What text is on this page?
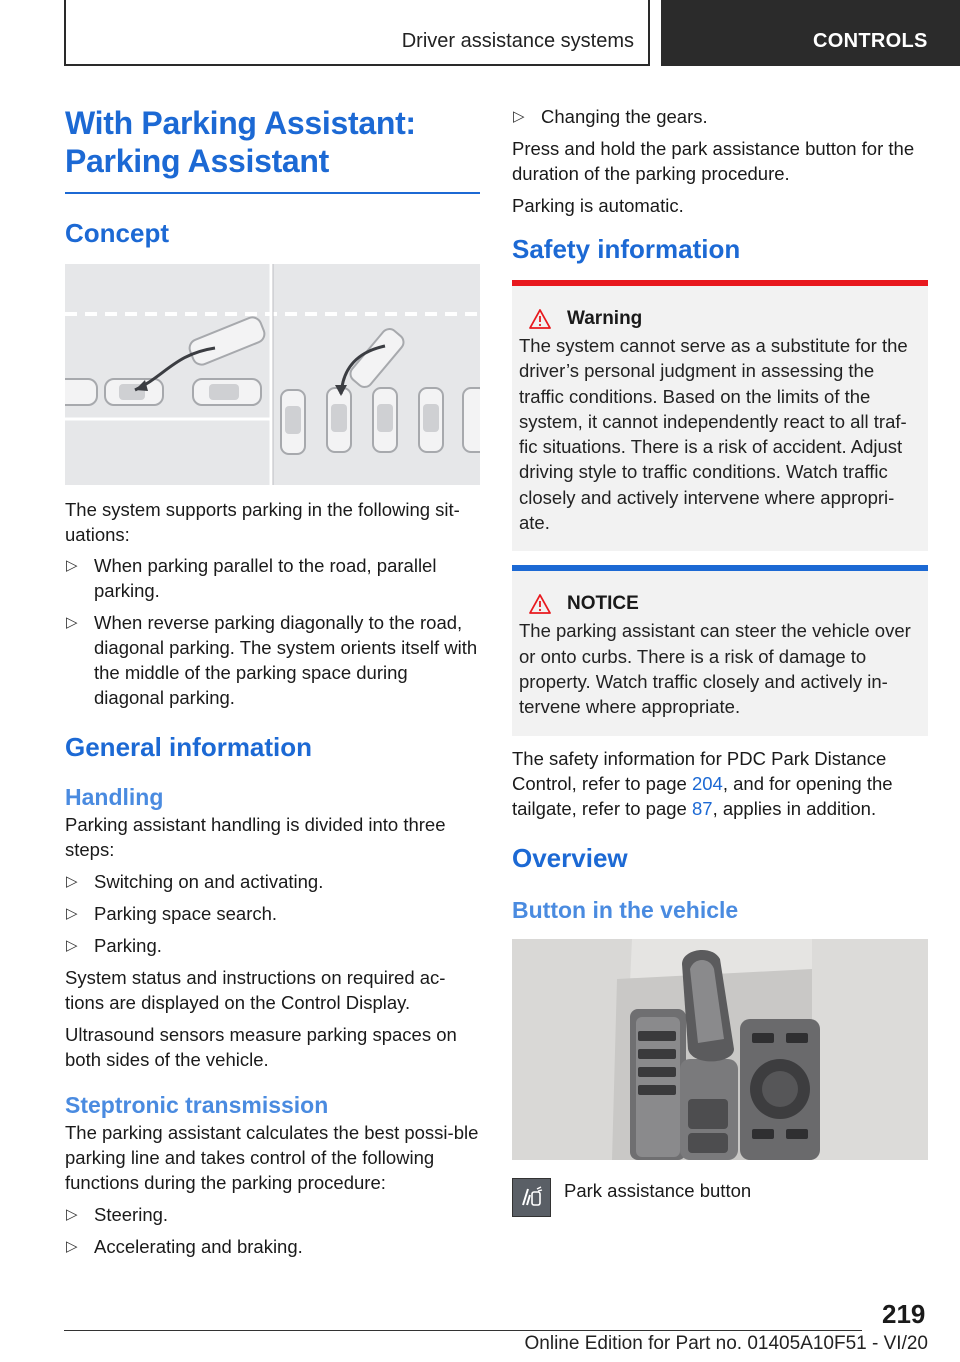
Driver assistance systems	CONTROLS
With Parking Assistant: Parking Assistant
Concept

The system supports parking in the following sit-uations:

▷ When parking parallel to the road, parallel parking.
▷ When reverse parking diagonally to the road, diagonal parking. The system orients itself with the middle of the parking space during diagonal parking.
General information
Handling

Parking assistant handling is divided into three steps:

▷ Switching on and activating.
▷ Parking space search.
▷ Parking.

System status and instructions on required ac-tions are displayed on the Control Display.

Ultrasound sensors measure parking spaces on both sides of the vehicle.

Steptronic transmission

The parking assistant calculates the best possi-ble parking line and takes control of the following functions during the parking procedure:

▷ Steering.
▷ Accelerating and braking.
▷ Changing the gears.

Press and hold the park assistance button for the duration of the parking procedure.

Parking is automatic.

Safety information
Warning

The system cannot serve as a substitute for the driver’s personal judgment in assessing the traffic conditions. Based on the limits of the system, it cannot independently react to all traf-fic situations. There is a risk of accident. Adjust driving style to traffic conditions. Watch traffic closely and actively intervene where appropri-ate.

NOTICE

The parking assistant can steer the vehicle over or onto curbs. There is a risk of damage to property. Watch traffic closely and actively in-tervene where appropriate.

The safety information for PDC Park Distance Control, refer to page 204, and for opening the tailgate, refer to page 87, applies in addition.

Overview
Button in the vehicle

Park assistance button

219
Online Edition for Part no. 01405A10F51 - VI/20
